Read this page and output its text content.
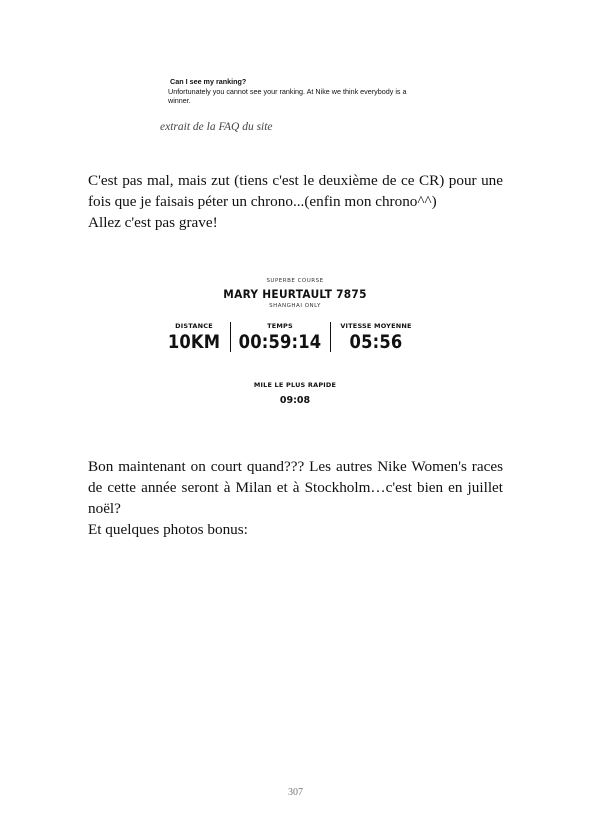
Can I see my ranking?

Unfortunately you cannot see your ranking. At Nike we think everybody is a winner.

extrait de la FAQ du site

C'est pas mal, mais zut (tiens c'est le deuxième de ce CR) pour une fois que je faisais péter un chrono...(enfin mon chrono^^)

Allez c'est pas grave!

SUPERBE COURSE
MARY HEURTAULT 7875
SHANGHAI ONLY
DISTANCE
10KM
TEMPS
00:59:14
VITESSE MOYENNE
05:56
MILE LE PLUS RAPIDE
09:08

Bon maintenant on court quand??? Les autres Nike Women's races de cette année seront à Milan et à Stockholm…c'est bien en juillet noël?

Et quelques photos bonus:

307
